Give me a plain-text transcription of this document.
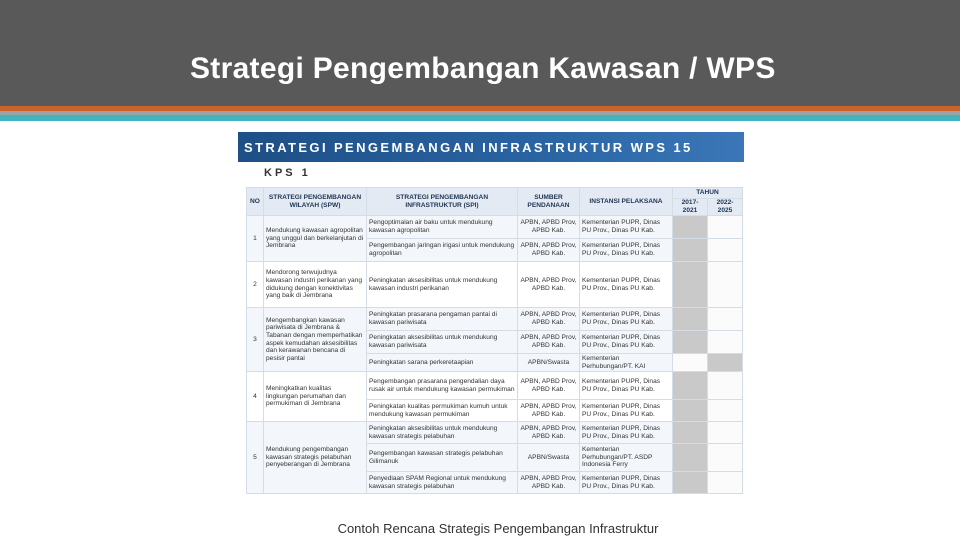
Strategi Pengembangan Kawasan / WPS
STRATEGI PENGEMBANGAN INFRASTRUKTUR WPS 15
KPS 1
NO	STRATEGI PENGEMBANGAN WILAYAH (SPW)	STRATEGI PENGEMBANGAN INFRASTRUKTUR (SPI)	SUMBER PENDANAAN	INSTANSI PELAKSANA	TAHUN	
					2017-2021	2022-2025
1	Mendukung kawasan agropolitan yang unggul dan berkelanjutan di Jembrana	Pengoptimalan air baku untuk mendukung kawasan agropolitan	APBN, APBD Prov, APBD Kab.	Kementerian PUPR, Dinas PU Prov., Dinas PU Kab.		
		Pengembangan jaringan irigasi untuk mendukung agropolitan	APBN, APBD Prov, APBD Kab.	Kementerian PUPR, Dinas PU Prov., Dinas PU Kab.		
2	Mendorong terwujudnya kawasan industri perikanan yang didukung dengan konektivitas yang baik di Jembrana	Peningkatan aksesibilitas untuk mendukung kawasan industri perikanan	APBN, APBD Prov, APBD Kab.	Kementerian PUPR, Dinas PU Prov., Dinas PU Kab.		
3	Mengembangkan kawasan pariwisata di Jembrana & Tabanan dengan memperhatikan aspek kemudahan aksesibilitas dan kerawanan bencana di pesisir pantai	Peningkatan prasarana pengaman pantai di kawasan pariwisata	APBN, APBD Prov, APBD Kab.	Kementerian PUPR, Dinas PU Prov., Dinas PU Kab.		
		Peningkatan aksesibilitas untuk mendukung kawasan pariwisata	APBN, APBD Prov, APBD Kab.	Kementerian PUPR, Dinas PU Prov., Dinas PU Kab.		
		Peningkatan sarana perkeretaapian	APBN/Swasta	Kementerian Perhubungan/PT. KAI		
4	Meningkatkan kualitas lingkungan perumahan dan permukiman di Jembrana	Pengembangan prasarana pengendalian daya rusak air untuk mendukung kawasan permukiman	APBN, APBD Prov, APBD Kab.	Kementerian PUPR, Dinas PU Prov., Dinas PU Kab.		
		Peningkatan kualitas permukiman kumuh untuk mendukung kawasan permukiman	APBN, APBD Prov, APBD Kab.	Kementerian PUPR, Dinas PU Prov., Dinas PU Kab.		
5	Mendukung pengembangan kawasan strategis pelabuhan penyeberangan di Jembrana	Peningkatan aksesibilitas untuk mendukung kawasan strategis pelabuhan	APBN, APBD Prov, APBD Kab.	Kementerian PUPR, Dinas PU Prov., Dinas PU Kab.		
		Pengembangan kawasan strategis pelabuhan Gilimanuk	APBN/Swasta	Kementerian Perhubungan/PT. ASDP Indonesia Ferry		
		Penyediaan SPAM Regional untuk mendukung kawasan strategis pelabuhan	APBN, APBD Prov, APBD Kab.	Kementerian PUPR, Dinas PU Prov., Dinas PU Kab.		
Contoh Rencana Strategis Pengembangan Infrastruktur
